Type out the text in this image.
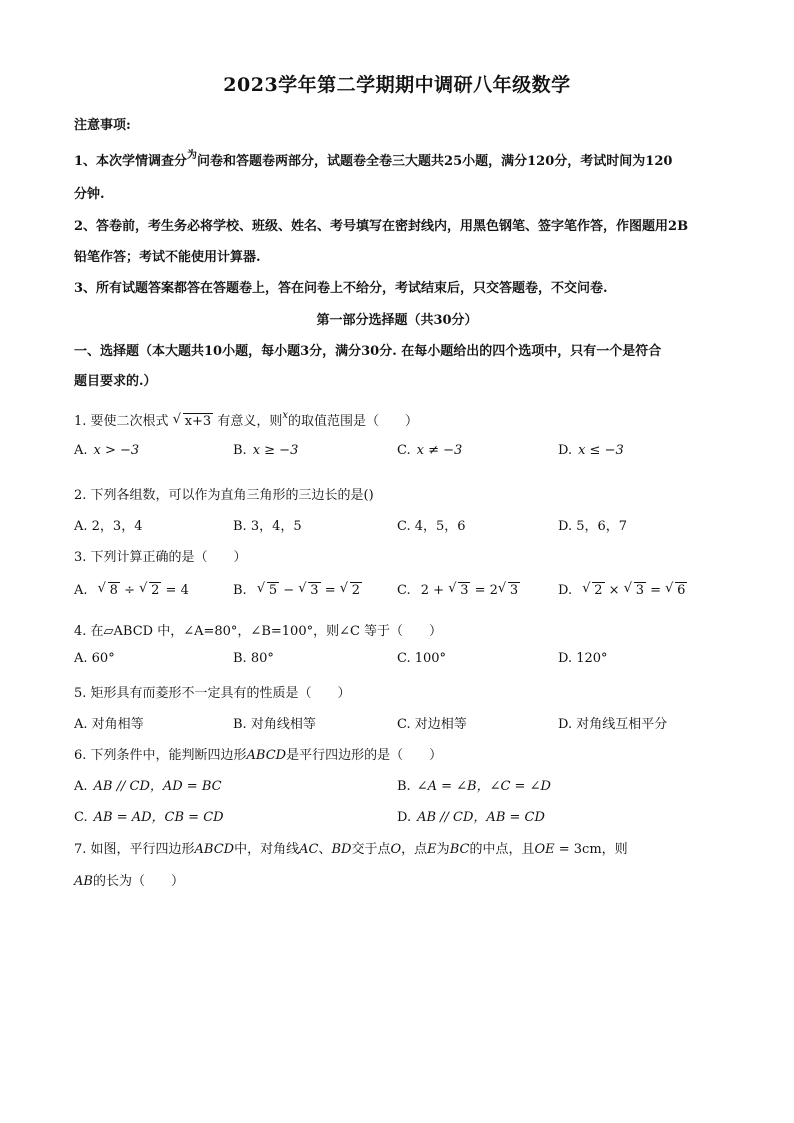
2023学年第二学期期中调研八年级数学
注意事项:
1、本次学情调查分$^为$问卷和答题卷两部分，试题卷全卷三大题共25小题，满分120分，考试时间为120
分钟.
2、答卷前，考生务必将学校、班级、姓名、考号填写在密封线内，用黑色钢笔、签字笔作答，作图题用2B
铅笔作答；考试不能使用计算器.
3、所有试题答案都答在答题卷上，答在问卷上不给分，考试结束后，只交答题卷，不交问卷.
第一部分选择题（共30分）
一、选择题（本大题共10小题，每小题3分，满分30分. 在每小题给出的四个选项中，只有一个是符合
题目要求的.）
1. 要使二次根式 √ x+3 有意义，则$^x$的取值范围是（　　）
A. x > −3	B. x ≥ −3	C. x ≠ −3	D. x ≤ −3
2. 下列各组数，可以作为直角三角形的三边长的是()
A. 2，3，4	B. 3，4，5	C. 4，5，6	D. 5，6，7
3. 下列计算正确的是（　　）
A. √ 8 ÷ √ 2 = 4	B. √ 5 − √ 3 = √ 2	C. 2 + √ 3 = 2 √ 3	D. √ 2 × √ 3 = √ 6
4. 在▱ABCD 中，∠A=80°，∠B=100°，则∠C 等于（　　）
A. 60°	B. 80°	C. 100°	D. 120°
5. 矩形具有而菱形不一定具有的性质是（　　）
A. 对角相等	B. 对角线相等	C. 对边相等	D. 对角线互相平分
6. 下列条件中，能判断四边形ABCD是平行四边形的是（　　）
A. AB // CD，AD = BC	B. ∠A = ∠B，∠C = ∠D
C. AB = AD，CB = CD	D. AB // CD，AB = CD
7. 如图，平行四边形ABCD中，对角线AC、BD交于点O，点E为BC的中点，且OE = 3cm，则
AB的长为（　　）
